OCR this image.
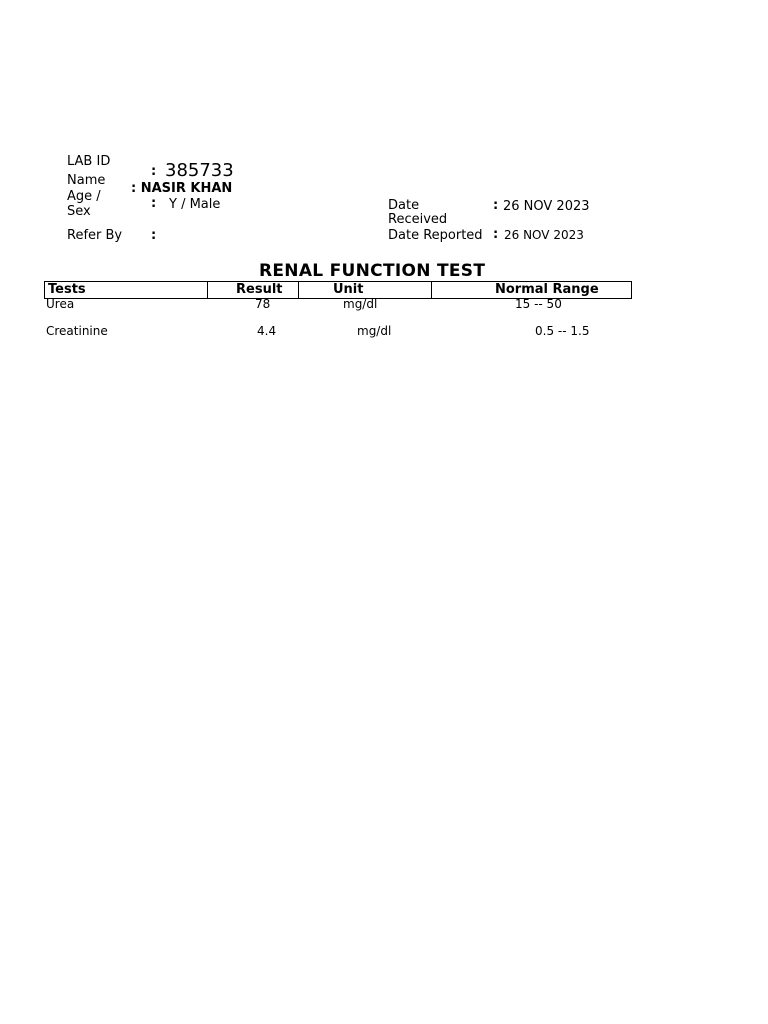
LAB ID
: 385733
Name
: NASIR KHAN
Age /
Sex
: Y / Male
Refer By :
Date
Received
: 26 NOV 2023
Date Reported : 26 NOV 2023
RENAL FUNCTION TEST
Tests	Result	Unit	Normal Range
Urea	78	mg/dl	15 -- 50
Creatinine	4.4	mg/dl	0.5 -- 1.5
